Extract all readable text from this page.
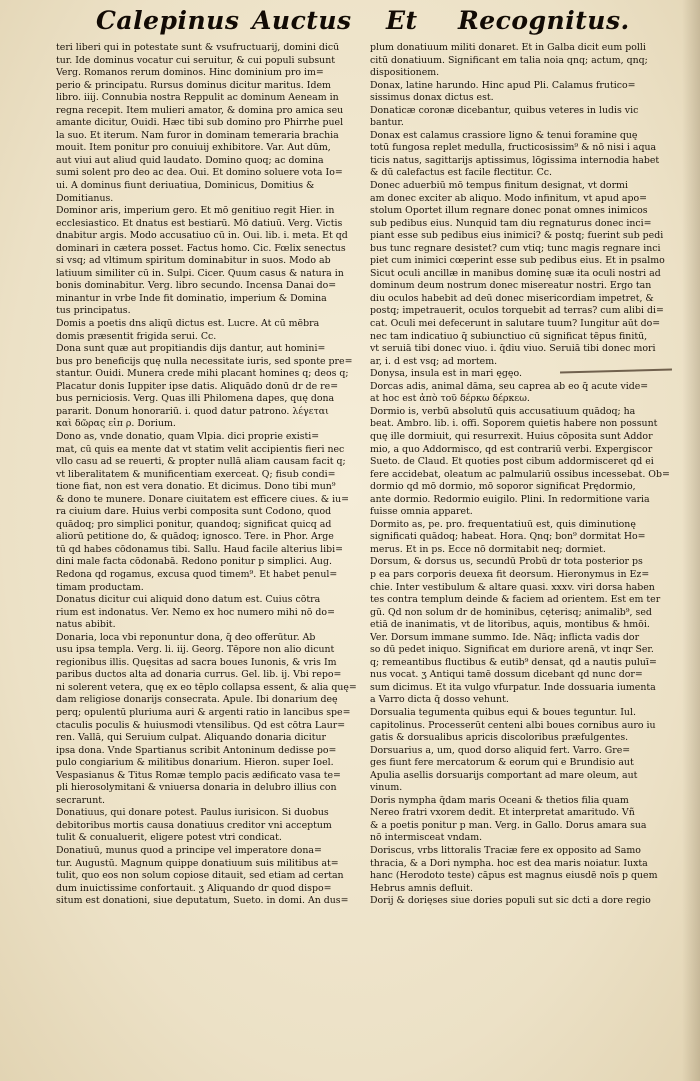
Calepinus Auctus Et Recognitus.
teri liberi qui in potestate sunt & vsufructuarij, domini dicū
tur. Ide dominus vocatur cui seruitur, & cui populi subsunt
Verg. Romanos rerum dominos. Hinc dominium pro im=
perio & principatu. Rursus dominus dicitur maritus. Idem
libro. iiij. Connubia nostra Reppulit ac dominum Aeneam in
regna recepit. Item mulieri amator, & domina pro amica seu
amante dicitur, Ouidi. Hæc tibi sub domino pro Phirrhe puel
la suo. Et iterum. Nam furor in dominam temeraria brachia
mouit. Item ponitur pro conuiuij exhibitore. Var. Aut dūm,
aut viui aut aliud quid laudato. Domino quoq; ac domina
sumi solent pro deo ac dea. Oui. Et domino soluere vota Io=
ui. A dominus fiunt deriuatiua, Dominicus, Domitius &
Domitianus.
Dominor aris, imperium gero. Et mō genitiuo regit Hier. in
ecclesiastico. Et dnatus est bestiarū. Mō datiuū. Verg. Victis
dnabitur argis. Modo accusatiuo cū in. Oui. lib. i. meta. Et qd
dominari in cætera posset. Factus homo. Cic. Fœlix senectus
si vsq; ad vltimum spiritum dominabitur in suos. Modo ab
latiuum similiter cū in. Sulpi. Cicer. Quum casus & natura in
bonis dominabitur. Verg. libro secundo. Incensa Danai do=
minantur in vrbe Inde fit dominatio, imperium & Domina
tus principatus.
Domis a poetis dns aliqū dictus est. Lucre. At cū mēbra
domis præsentit frigida serui. Cc.
Dona sunt quæ aut propitiandis dijs dantur, aut homini=
bus pro beneficijs quę nulla necessitate iuris, sed sponte pre=
stantur. Ouidi. Munera crede mihi placant homines q; deos q;
Placatur donis Iuppiter ipse datis. Aliquādo donū dr de re=
bus perniciosis. Verg. Quas illi Philomena dapes, quę dona
pararit. Donum honorariū. i. quod datur patrono. λέγεται
καὶ δῶρας εἶπ ρ. Dorium.
Dono as, vnde donatio, quam Vlpia. dici proprie existi=
mat, cū quis ea mente dat vt statim velit accipientis fieri nec
vllo casu ad se reuerti, & propter nullā aliam causam facit q;
vt liberalitatem & munificentiam exerceat. Q; fisub condi=
tione fiat, non est vera donatio. Et dicimus. Dono tibi mun⁹
& dono te munere. Donare ciuitatem est efficere ciues. & iu=
ra ciuium dare. Huius verbi composita sunt Codono, quod
quādoq; pro simplici ponitur, quandoq; significat quicq ad
aliorū petitione do, & quādoq; ignosco. Tere. in Phor. Arge
tū qd habes cōdonamus tibi. Sallu. Haud facile alterius libi=
dini male facta cōdonabā. Redono ponitur p simplici. Aug.
Redona qd rogamus, excusa quod timem⁹. Et habet penul=
timam productam.
Donatus dicitur cui aliquid dono datum est. Cuius cōtra
rium est indonatus. Ver. Nemo ex hoc numero mihi nō do=
natus abibit.
Donaria, loca vbi reponuntur dona, q̄ deo offerūtur. Ab
usu ipsa templa. Verg. li. iij. Georg. Tēpore non alio dicunt
regionibus illis. Quęsitas ad sacra boues Iunonis, & vris Im
paribus ductos alta ad donaria currus. Gel. lib. ij. Vbi repo=
ni solerent vetera, quę ex eo tēplo collapsa essent, & alia quę=
dam religiose donarijs consecrata. Apule. Ibi donarium deę
perq; opulentū pluriuma auri & argenti ratio in lancibus spe=
ctaculis poculis & huiusmodi vtensilibus. Qd est cōtra Laur=
ren. Vallā, qui Seruium culpat. Aliquando donaria dicitur
ipsa dona. Vnde Spartianus scribit Antoninum dedisse po=
pulo congiarium & militibus donarium. Hieron. super Ioel.
Vespasianus & Titus Romæ templo pacis ædificato vasa te=
pli hierosolymitani & vniuersa donaria in delubro illius con
secrarunt.
Donatiuus, qui donare potest. Paulus iurisicon. Si duobus
debitoribus mortis causa donatiuus creditor vni acceptum
tulit & conualuerit, eligere potest vtri condicat.
Donatiuū, munus quod a principe vel imperatore dona=
tur. Augustū. Magnum quippe donatiuum suis militibus at=
tulit, quo eos non solum copiose ditauit, sed etiam ad certan
dum inuictissime confortauit. ʒ Aliquando dr quod dispo=
situm est donationi, siue deputatum, Sueto. in domi. An dus=
plum donatiuum militi donaret. Et in Galba dicit eum polli
citū donatiuum. Significant em talia noia qnq; actum, qnq;
dispositionem.
Donax, latine harundo. Hinc apud Pli. Calamus frutico=
sissimus donax dictus est.
Donaticæ coronæ dicebantur, quibus veteres in ludis vic
bantur.
Donax est calamus crassiore ligno & tenui foramine quę
totū fungosa replet medulla, fructicosissim⁹ & nō nisi i aqua
ticis natus, sagittarijs aptissimus, lōgissima internodia habet
& dū calefactus est facile flectitur. Cc.
Donec aduerbiū mō tempus finitum designat, vt dormi
am donec exciter ab aliquo. Modo infinitum, vt apud apo=
stolum Oportet illum regnare donec ponat omnes inimicos
sub pedibus eius. Nunquid tam diu regnaturus donec inci=
piant esse sub pedibus eius inimici? & postq; fuerint sub pedi
bus tunc regnare desistet? cum vtiq; tunc magis regnare inci
piet cum inimici cœperint esse sub pedibus eius. Et in psalmo
Sicut oculi ancillæ in manibus dominę suæ ita oculi nostri ad
dominum deum nostrum donec misereatur nostri. Ergo tan
diu oculos habebit ad deū donec misericordiam impetret, &
postq; impetrauerit, oculos torquebit ad terras? cum alibi di=
cat. Oculi mei defecerunt in salutare tuum? Iungitur aūt do=
nec tam indicatiuo q̄ subiunctiuo cū significat tēpus finitū,
vt seruiā tibi donec viuo. i. q̄diu viuo. Seruiā tibi donec mori
ar, i. d est vsq; ad mortem.
Donysa, insula est in mari ęgęo.
Dorcas adis, animal dāma, seu caprea ab eo q̄ acute vide=
at hoc est ἀπὸ τοῦ δέρκω δέρκεω.
Dormio is, verbū absolutū quis accusatiuum quādoq; ha
beat. Ambro. lib. i. offi. Soporem quietis habere non possunt
quę ille dormiuit, qui resurrexit. Huius cōposita sunt Addor
mio, a quo Addormisco, qd est contrariū verbi. Expergiscor
Sueto. de Claud. Et quoties post cibum addormisceret qd ei
fere accidebat, oleatum ac palmulariū ossibus incessebat. Ob=
dormio qd mō dormio, mō soporor significat Prędormio,
ante dormio. Redormio euigilo. Plini. In redormitione varia
fuisse omnia apparet.
Dormito as, pe. pro. frequentatiuū est, quis diminutionę
significati quādoq; habeat. Hora. Qnq; bon⁹ dormitat Ho=
merus. Et in ps. Ecce nō dormitabit neq; dormiet.
Dorsum, & dorsus us, secundū Probū dr tota posterior ps
p ea pars corporis deuexa fit deorsum. Hieronymus in Ez=
chie. Inter vestibulum & altare quasi. xxxv. viri dorsa haben
tes contra templum deinde & faciem ad orientem. Est em ter
gū. Qd non solum dr de hominibus, cęterisq; animalib⁹, sed
etiā de inanimatis, vt de litoribus, aquis, montibus & hmōi.
Ver. Dorsum immane summo. Ide. Nāq; inflicta vadis dor
so dū pedet iniquo. Significat em duriore arenā, vt inqr Ser.
q; remeantibus fluctibus & eutib⁹ densat, qd a nautis puluī=
nus vocat. ʒ Antiqui tamē dossum dicebant qd nunc dor=
sum dicimus. Et ita vulgo vfurpatur. Inde dossuaria iumenta
a Varro dicta q̄ dosso vehunt.
Dorsualia tegumenta quibus equi & boues teguntur. Iul.
capitolinus. Processerūt centeni albi boues cornibus auro iu
gatis & dorsualibus apricis discoloribus præfulgentes.
Dorsuarius a, um, quod dorso aliquid fert. Varro. Gre=
ges fiunt fere mercatorum & eorum qui e Brundisio aut
Apulia asellis dorsuarijs comportant ad mare oleum, aut
vinum.
Doris nympha q̄dam maris Oceani & thetios filia quam
Nereo fratri vxorem dedit. Et interpretat amaritudo. Vñ
& a poetis ponitur p man. Verg. in Gallo. Dorus amara sua
nō intermisceat vndam.
Doriscus, vrbs littoralis Traciæ fere ex opposito ad Samo
thracia, & a Dori nympha. hoc est dea maris noiatur. Iuxta
hanc (Herodoto teste) cāpus est magnus eiusdē noīs p quem
Hebrus amnis defluit.
Dorij & dorięses siue dories populi sut sic dcti a dore regio
